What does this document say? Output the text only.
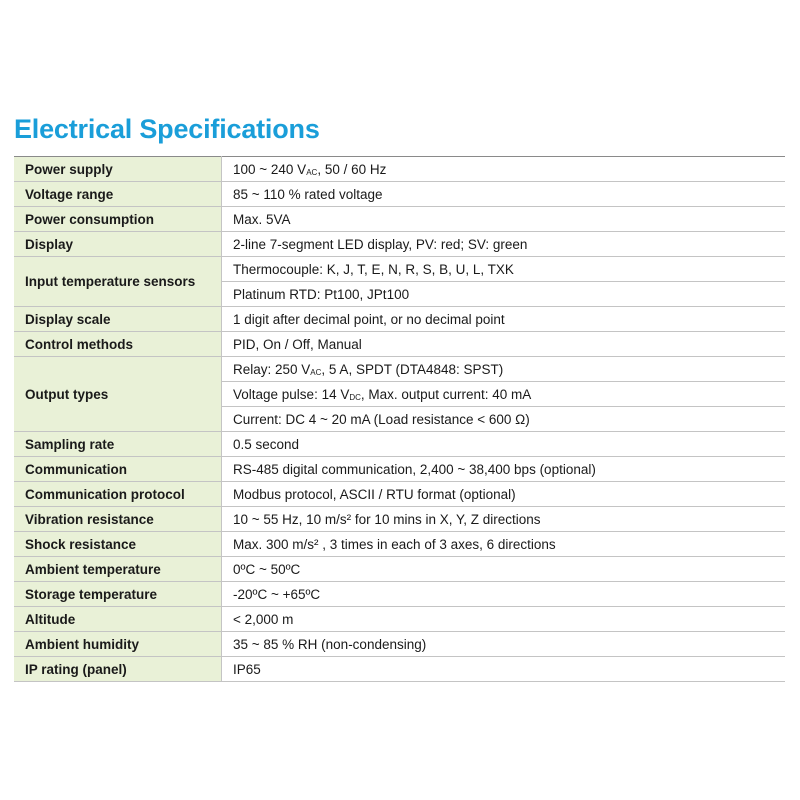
Electrical Specifications
Power supply	100 ~ 240 $V_{AC}$, 50 / 60 Hz
Voltage range	85 ~ 110 % rated voltage
Power consumption	Max. 5VA
Display	2-line 7-segment LED display, PV: red; SV: green
Input temperature sensors	Thermocouple: K, J, T, E, N, R, S, B, U, L, TXK
	Platinum RTD: Pt100, JPt100
Display scale	1 digit after decimal point, or no decimal point
Control methods	PID, On / Off, Manual
Output types	Relay: 250 $V_{AC}$, 5 A, SPDT (DTA4848: SPST)
	Voltage pulse: 14 $V_{DC}$, Max. output current: 40 mA
	Current: DC 4 ~ 20 mA (Load resistance < 600 Ω)
Sampling rate	0.5 second
Communication	RS-485 digital communication, 2,400 ~ 38,400 bps (optional)
Communication protocol	Modbus protocol, ASCII / RTU format (optional)
Vibration resistance	10 ~ 55 Hz, 10 m/s² for 10 mins in X, Y, Z directions
Shock resistance	Max. 300 m/s² , 3 times in each of 3 axes, 6 directions
Ambient temperature	0ºC ~ 50ºC
Storage temperature	-20ºC ~ +65ºC
Altitude	< 2,000 m
Ambient humidity	35 ~ 85 % RH (non-condensing)
IP rating (panel)	IP65
